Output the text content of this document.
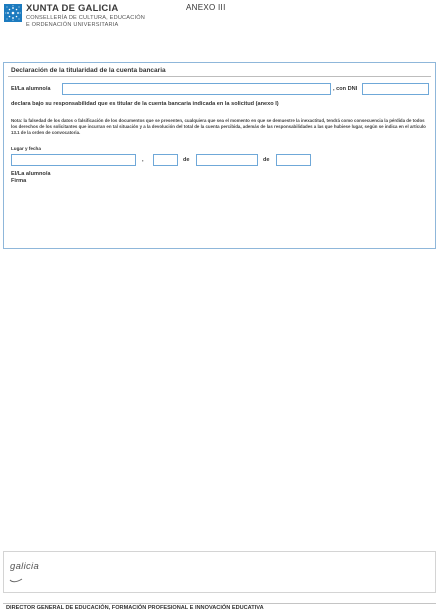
XUNTA DE GALICIA
CONSELLERÍA DE CULTURA, EDUCACIÓN
E ORDENACIÓN UNIVERSITARIA
ANEXO III
Declaración de la titularidad de la cuenta bancaria
El/La alumno/a	, con DNI
declara bajo su responsabilidad que es titular de la cuenta bancaria indicada en la solicitud (anexo I)
Nota: la falsedad de los datos o falsificación de los documentos que se presenten, cualquiera que sea el momento en que se demuestre la inexactitud, tendrá como consecuencia la pérdida de todos los derechos de los solicitantes que incurran en tal situación y a la devolución del total de la cuenta percibida, además de las responsabilidades a las que hubiese lugar, según se indica en el artículo 13.1 de la orden de convocatoria.
Lugar y fecha
,	de	de
El/La alumno/a
Firma
galicia
DIRECTOR GENERAL DE EDUCACIÓN, FORMACIÓN PROFESIONAL E INNOVACIÓN EDUCATIVA
